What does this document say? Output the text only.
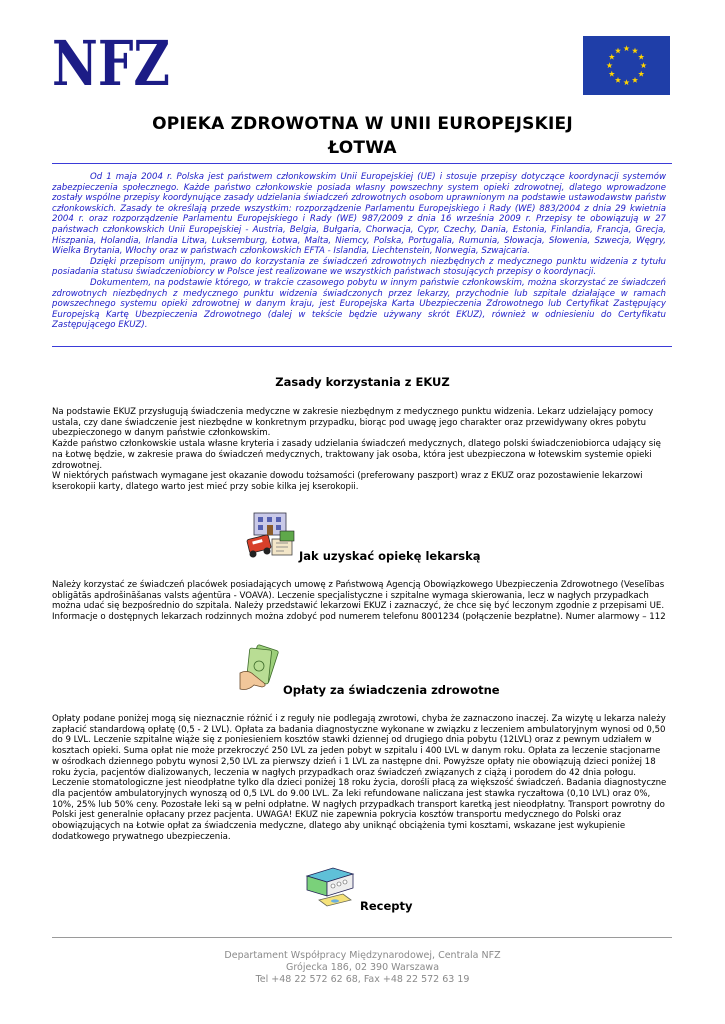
NFZ
OPIEKA ZDROWOTNA W UNII EUROPEJSKIEJ
ŁOTWA

Od 1 maja 2004 r. Polska jest państwem członkowskim Unii Europejskiej (UE) i stosuje przepisy dotyczące koordynacji systemów zabezpieczenia społecznego. Każde państwo członkowskie posiada własny powszechny system opieki zdrowotnej, dlatego wprowadzone zostały wspólne przepisy koordynujące zasady udzielania świadczeń zdrowotnych osobom uprawnionym na podstawie ustawodawstw państw członkowskich. Zasady te określają przede wszystkim: rozporządzenie Parlamentu Europejskiego i Rady (WE) 883/2004 z dnia 29 kwietnia 2004 r. oraz rozporządzenie Parlamentu Europejskiego i Rady (WE) 987/2009 z dnia 16 września 2009 r. Przepisy te obowiązują w 27 państwach członkowskich Unii Europejskiej - Austria, Belgia, Bułgaria, Chorwacja, Cypr, Czechy, Dania, Estonia, Finlandia, Francja, Grecja, Hiszpania, Holandia, Irlandia Litwa, Luksemburg, Łotwa, Malta, Niemcy, Polska, Portugalia, Rumunia, Słowacja, Słowenia, Szwecja, Węgry, Wielka Brytania, Włochy oraz w państwach członkowskich EFTA - Islandia, Liechtenstein, Norwegia, Szwajcaria.

Dzięki przepisom unijnym, prawo do korzystania ze świadczeń zdrowotnych niezbędnych z medycznego punktu widzenia z tytułu posiadania statusu świadczeniobiorcy w Polsce jest realizowane we wszystkich państwach stosujących przepisy o koordynacji.

Dokumentem, na podstawie którego, w trakcie czasowego pobytu w innym państwie członkowskim, można skorzystać ze świadczeń zdrowotnych niezbędnych z medycznego punktu widzenia świadczonych przez lekarzy, przychodnie lub szpitale działające w ramach powszechnego systemu opieki zdrowotnej w danym kraju, jest Europejska Karta Ubezpieczenia Zdrowotnego lub Certyfikat Zastępujący Europejską Kartę Ubezpieczenia Zdrowotnego (dalej w tekście będzie używany skrót EKUZ), również w odniesieniu do Certyfikatu Zastępującego EKUZ).

Zasady korzystania z EKUZ

Na podstawie EKUZ przysługują świadczenia medyczne w zakresie niezbędnym z medycznego punktu widzenia. Lekarz udzielający pomocy ustala, czy dane świadczenie jest niezbędne w konkretnym przypadku, biorąc pod uwagę jego charakter oraz przewidywany okres pobytu ubezpieczonego w danym państwie członkowskim.

Każde państwo członkowskie ustala własne kryteria i zasady udzielania świadczeń medycznych, dlatego polski świadczeniobiorca udający się na Łotwę będzie, w zakresie prawa do świadczeń medycznych, traktowany jak osoba, która jest ubezpieczona w łotewskim systemie opieki zdrowotnej.

W niektórych państwach wymagane jest okazanie dowodu tożsamości (preferowany paszport) wraz z EKUZ oraz pozostawienie lekarzowi kserokopii karty, dlatego warto jest mieć przy sobie kilka jej kserokopii.

Jak uzyskać opiekę lekarską

Należy korzystać ze świadczeń placówek posiadających umowę z Państwową Agencją Obowiązkowego Ubezpieczenia Zdrowotnego (Veselības obligātās apdrošināšanas valsts aģentūra - VOAVA). Leczenie specjalistyczne i szpitalne wymaga skierowania, lecz w nagłych przypadkach można udać się bezpośrednio do szpitala. Należy przedstawić lekarzowi EKUZ i zaznaczyć, że chce się być leczonym zgodnie z przepisami UE. Informacje o dostępnych lekarzach rodzinnych można zdobyć pod numerem telefonu 8001234 (połączenie bezpłatne). Numer alarmowy – 112

Opłaty za świadczenia zdrowotne

Opłaty podane poniżej mogą się nieznacznie różnić i z reguły nie podlegają zwrotowi, chyba że zaznaczono inaczej. Za wizytę u lekarza należy zapłacić standardową opłatę (0,5 - 2 LVL). Opłata za badania diagnostyczne wykonane w związku z leczeniem ambulatoryjnym wynosi od 0,50 do 9 LVL. Leczenie szpitalne wiąże się z poniesieniem kosztów stawki dziennej od drugiego dnia pobytu (12LVL) oraz z pewnym udziałem w kosztach opieki. Suma opłat nie może przekroczyć 250 LVL za jeden pobyt w szpitalu i 400 LVL w danym roku. Opłata za leczenie stacjonarne w ośrodkach dziennego pobytu wynosi 2,50 LVL za pierwszy dzień i 1 LVL za następne dni. Powyższe opłaty nie obowiązują dzieci poniżej 18 roku życia, pacjentów dializowanych, leczenia w nagłych przypadkach oraz świadczeń związanych z ciążą i porodem do 42 dnia połogu. Leczenie stomatologiczne jest nieodpłatne tylko dla dzieci poniżej 18 roku życia, dorośli płacą za większość świadczeń. Badania diagnostyczne dla pacjentów ambulatoryjnych wynoszą od 0,5 LVL do 9.00 LVL. Za leki refundowane naliczana jest stawka ryczałtowa (0,10 LVL) oraz 0%, 10%, 25% lub 50% ceny. Pozostałe leki są w pełni odpłatne. W nagłych przypadkach transport karetką jest nieodpłatny. Transport powrotny do Polski jest generalnie opłacany przez pacjenta. UWAGA! EKUZ nie zapewnia pokrycia kosztów transportu medycznego do Polski oraz obowiązujących na Łotwie opłat za świadczenia medyczne, dlatego aby uniknąć obciążenia tymi kosztami, wskazane jest wykupienie dodatkowego prywatnego ubezpieczenia.

Recepty
Departament Współpracy Międzynarodowej, Centrala NFZ
Grójecka 186, 02 390 Warszawa
Tel +48 22 572 62 68, Fax +48 22 572 63 19
